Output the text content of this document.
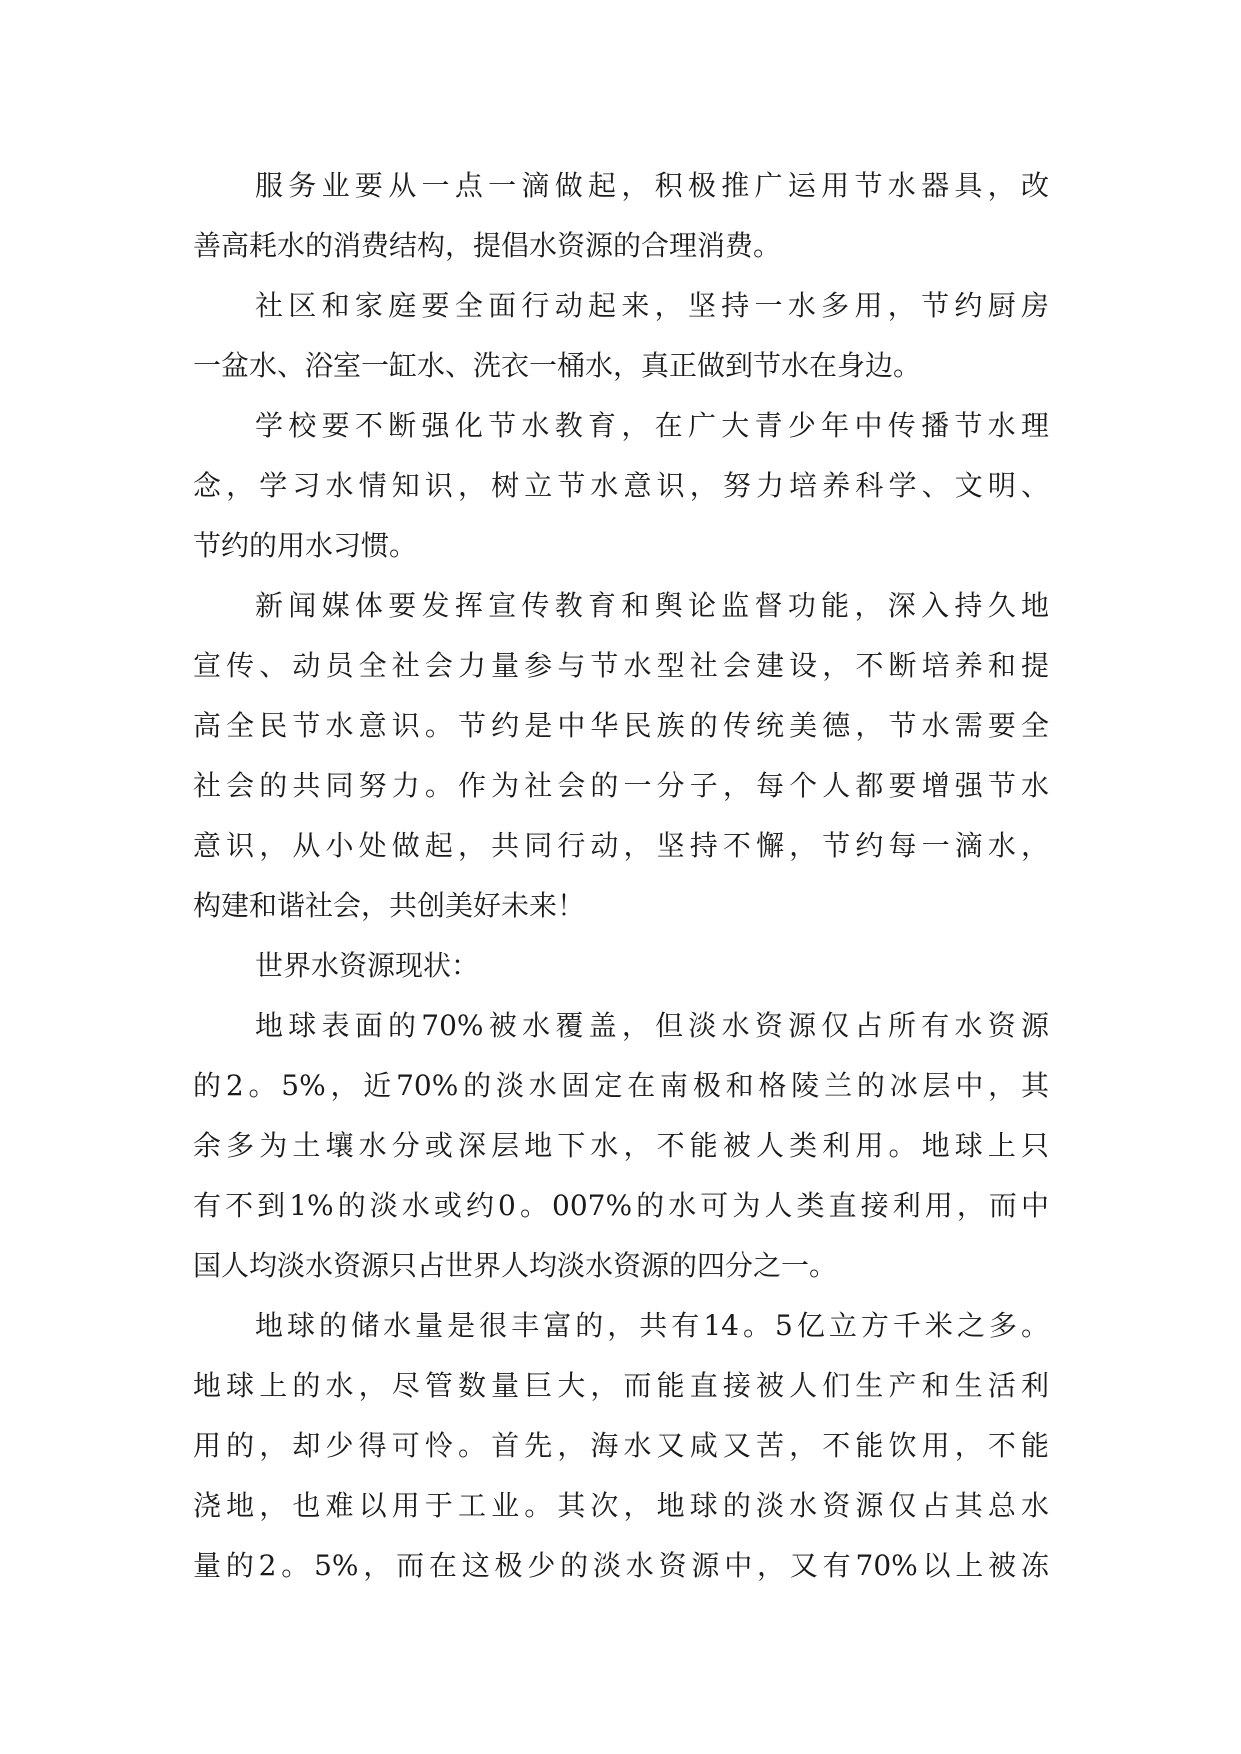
服务业要从一点一滴做起，积极推广运用节水器具，改
善高耗水的消费结构，提倡水资源的合理消费。
社区和家庭要全面行动起来，坚持一水多用，节约厨房
一盆水、浴室一缸水、洗衣一桶水，真正做到节水在身边。
学校要不断强化节水教育，在广大青少年中传播节水理
念，学习水情知识，树立节水意识，努力培养科学、文明、
节约的用水习惯。
新闻媒体要发挥宣传教育和舆论监督功能，深入持久地
宣传、动员全社会力量参与节水型社会建设，不断培养和提
高全民节水意识。节约是中华民族的传统美德，节水需要全
社会的共同努力。作为社会的一分子，每个人都要增强节水
意识，从小处做起，共同行动，坚持不懈，节约每一滴水，
构建和谐社会，共创美好未来！
世界水资源现状：
地球表面的70%被水覆盖，但淡水资源仅占所有水资源
的2。5%，近70%的淡水固定在南极和格陵兰的冰层中，其
余多为土壤水分或深层地下水，不能被人类利用。地球上只
有不到1%的淡水或约0。007%的水可为人类直接利用，而中
国人均淡水资源只占世界人均淡水资源的四分之一。
地球的储水量是很丰富的，共有14。5亿立方千米之多。
地球上的水，尽管数量巨大，而能直接被人们生产和生活利
用的，却少得可怜。首先，海水又咸又苦，不能饮用，不能
浇地，也难以用于工业。其次，地球的淡水资源仅占其总水
量的2。5%，而在这极少的淡水资源中，又有70%以上被冻
